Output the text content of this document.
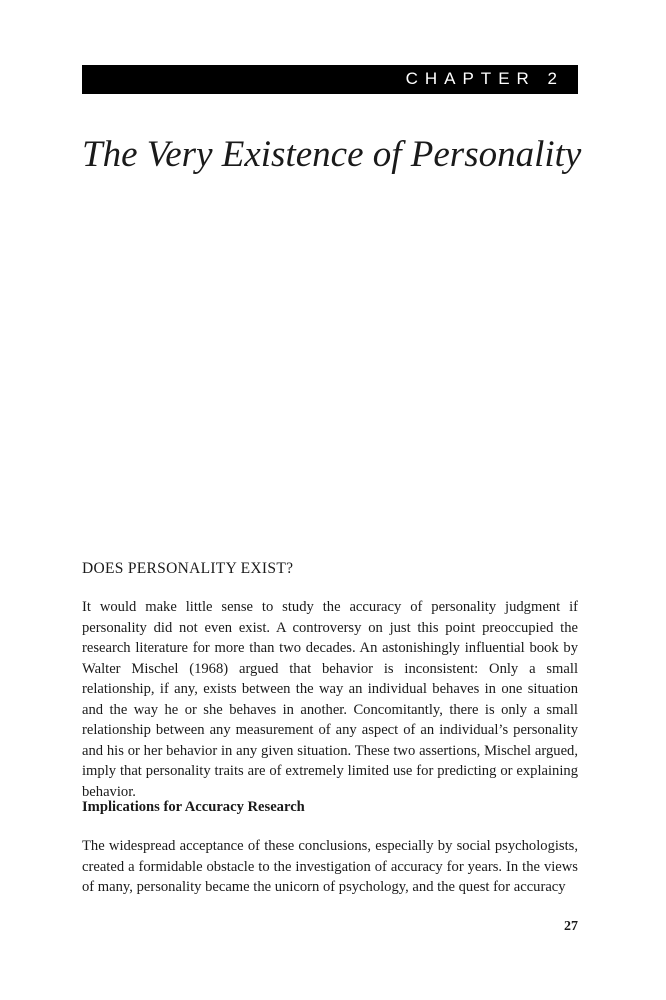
CHAPTER 2
The Very Existence of Personality
DOES PERSONALITY EXIST?

It would make little sense to study the accuracy of personality judgment if personality did not even exist. A controversy on just this point preoccupied the research literature for more than two decades. An astonishingly influential book by Walter Mischel (1968) argued that behavior is inconsistent: Only a small relationship, if any, exists between the way an individual behaves in one situation and the way he or she behaves in another. Concomitantly, there is only a small relationship between any measurement of any aspect of an individual’s personality and his or her behavior in any given situation. These two assertions, Mischel argued, imply that personality traits are of extremely limited use for predicting or explaining behavior.

Implications for Accuracy Research

The widespread acceptance of these conclusions, especially by social psychologists, created a formidable obstacle to the investigation of accuracy for years. In the views of many, personality became the unicorn of psychology, and the quest for accuracy

27
